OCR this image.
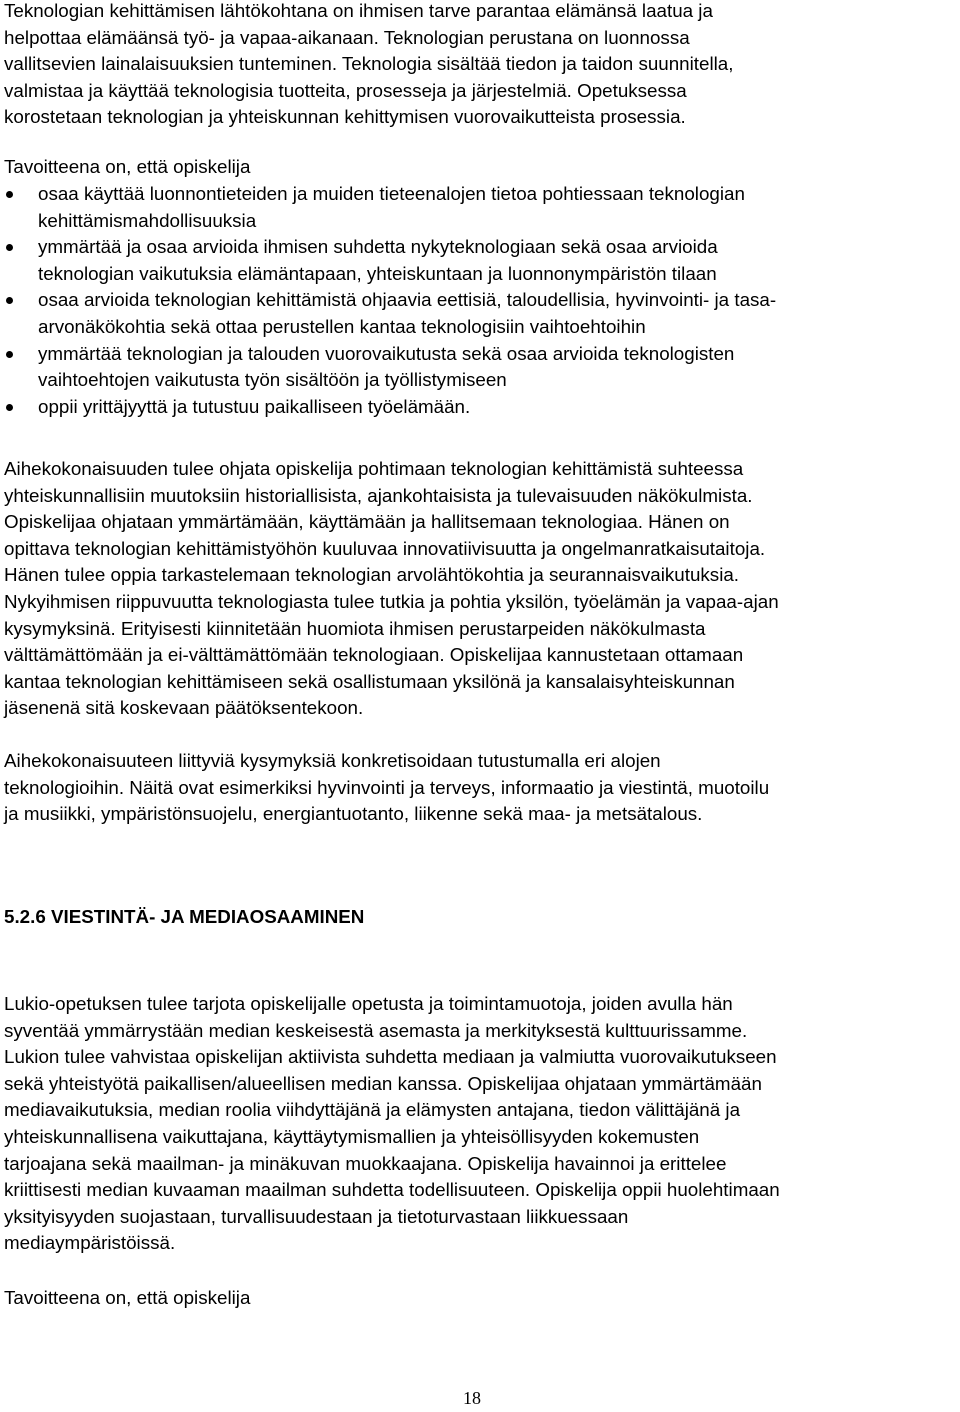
Teknologian kehittämisen lähtökohtana on ihmisen tarve parantaa elämänsä laatua ja
helpottaa elämäänsä työ- ja vapaa-aikanaan. Teknologian perustana on luonnossa
vallitsevien lainalaisuuksien tunteminen. Teknologia sisältää tiedon ja taidon suunnitella,
valmistaa ja käyttää teknologisia tuotteita, prosesseja ja järjestelmiä. Opetuksessa
korostetaan teknologian ja yhteiskunnan kehittymisen vuorovaikutteista prosessia.

Tavoitteena on, että opiskelija

osaa käyttää luonnontieteiden ja muiden tieteenalojen tietoa pohtiessaan teknologian
kehittämismahdollisuuksia
ymmärtää ja osaa arvioida ihmisen suhdetta nykyteknologiaan sekä osaa arvioida
teknologian vaikutuksia elämäntapaan, yhteiskuntaan ja luonnonympäristön tilaan
osaa arvioida teknologian kehittämistä ohjaavia eettisiä, taloudellisia, hyvinvointi- ja tasa-
arvonäkökohtia sekä ottaa perustellen kantaa teknologisiin vaihtoehtoihin
ymmärtää teknologian ja talouden vuorovaikutusta sekä osaa arvioida teknologisten
vaihtoehtojen vaikutusta työn sisältöön ja työllistymiseen
oppii yrittäjyyttä ja tutustuu paikalliseen työelämään.

Aihekokonaisuuden tulee ohjata opiskelija pohtimaan teknologian kehittämistä suhteessa
yhteiskunnallisiin muutoksiin historiallisista, ajankohtaisista ja tulevaisuuden näkökulmista.
Opiskelijaa ohjataan ymmärtämään, käyttämään ja hallitsemaan teknologiaa. Hänen on
opittava teknologian kehittämistyöhön kuuluvaa innovatiivisuutta ja ongelmanratkaisutaitoja.
Hänen tulee oppia tarkastelemaan teknologian arvolähtökohtia ja seurannaisvaikutuksia.
Nykyihmisen riippuvuutta teknologiasta tulee tutkia ja pohtia yksilön, työelämän ja vapaa-ajan
kysymyksinä. Erityisesti kiinnitetään huomiota ihmisen perustarpeiden näkökulmasta
välttämättömään ja ei-välttämättömään teknologiaan. Opiskelijaa kannustetaan ottamaan
kantaa teknologian kehittämiseen sekä osallistumaan yksilönä ja kansalaisyhteiskunnan
jäsenenä sitä koskevaan päätöksentekoon.

Aihekokonaisuuteen liittyviä kysymyksiä konkretisoidaan tutustumalla eri alojen
teknologioihin. Näitä ovat esimerkiksi hyvinvointi ja terveys, informaatio ja viestintä, muotoilu
ja musiikki, ympäristönsuojelu, energiantuotanto, liikenne sekä maa- ja metsätalous.

5.2.6 VIESTINTÄ- JA MEDIAOSAAMINEN

Lukio-opetuksen tulee tarjota opiskelijalle opetusta ja toimintamuotoja, joiden avulla hän
syventää ymmärrystään median keskeisestä asemasta ja merkityksestä kulttuurissamme.
Lukion tulee vahvistaa opiskelijan aktiivista suhdetta mediaan ja valmiutta vuorovaikutukseen
sekä yhteistyötä paikallisen/alueellisen median kanssa. Opiskelijaa ohjataan ymmärtämään
mediavaikutuksia, median roolia viihdyttäjänä ja elämysten antajana, tiedon välittäjänä ja
yhteiskunnallisena vaikuttajana, käyttäytymismallien ja yhteisöllisyyden kokemusten
tarjoajana sekä maailman- ja minäkuvan muokkaajana. Opiskelija havainnoi ja erittelee
kriittisesti median kuvaaman maailman suhdetta todellisuuteen. Opiskelija oppii huolehtimaan
yksityisyyden suojastaan, turvallisuudestaan ja tietoturvastaan liikkuessaan
mediaympäristöissä.

Tavoitteena on, että opiskelija

18
